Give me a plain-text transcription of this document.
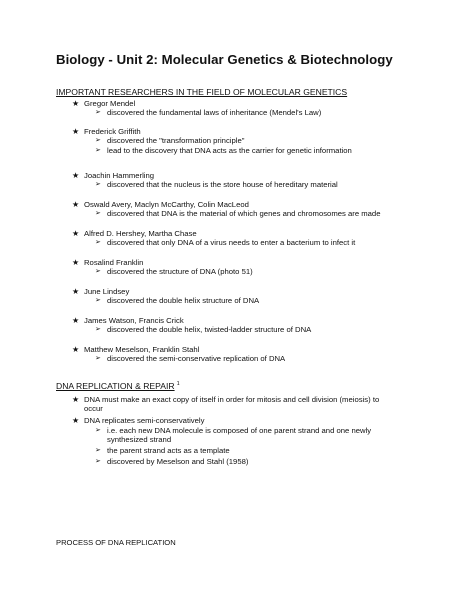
Biology - Unit 2: Molecular Genetics & Biotechnology
IMPORTANT RESEARCHERS IN THE FIELD OF MOLECULAR GENETICS
★ Gregor Mendel
➢ discovered the fundamental laws of inheritance (Mendel's Law)
★ Frederick Griffith
➢ discovered the "transformation principle"
➢ lead to the discovery that DNA acts as the carrier for genetic information
★ Joachin Hammerling
➢ discovered that the nucleus is the store house of hereditary material
★ Oswald Avery, Maclyn McCarthy, Colin MacLeod
➢ discovered that DNA is the material of which genes and chromosomes are made
★ Alfred D. Hershey, Martha Chase
➢ discovered that only DNA of a virus needs to enter a bacterium to infect it
★ Rosalind Franklin
➢ discovered the structure of DNA (photo 51)
★ June Lindsey
➢ discovered the double helix structure of DNA
★ James Watson, Francis Crick
➢ discovered the double helix, twisted-ladder structure of DNA
★ Matthew Meselson, Franklin Stahl
➢ discovered the semi-conservative replication of DNA
DNA REPLICATION & REPAIR $^1$
★ DNA must make an exact copy of itself in order for mitosis and cell division (meiosis) to
occur
★ DNA replicates semi-conservatively
➢ i.e. each new DNA molecule is composed of one parent strand and one newly
synthesized strand
➢ the parent strand acts as a template
➢ discovered by Meselson and Stahl (1958)
PROCESS OF DNA REPLICATION
